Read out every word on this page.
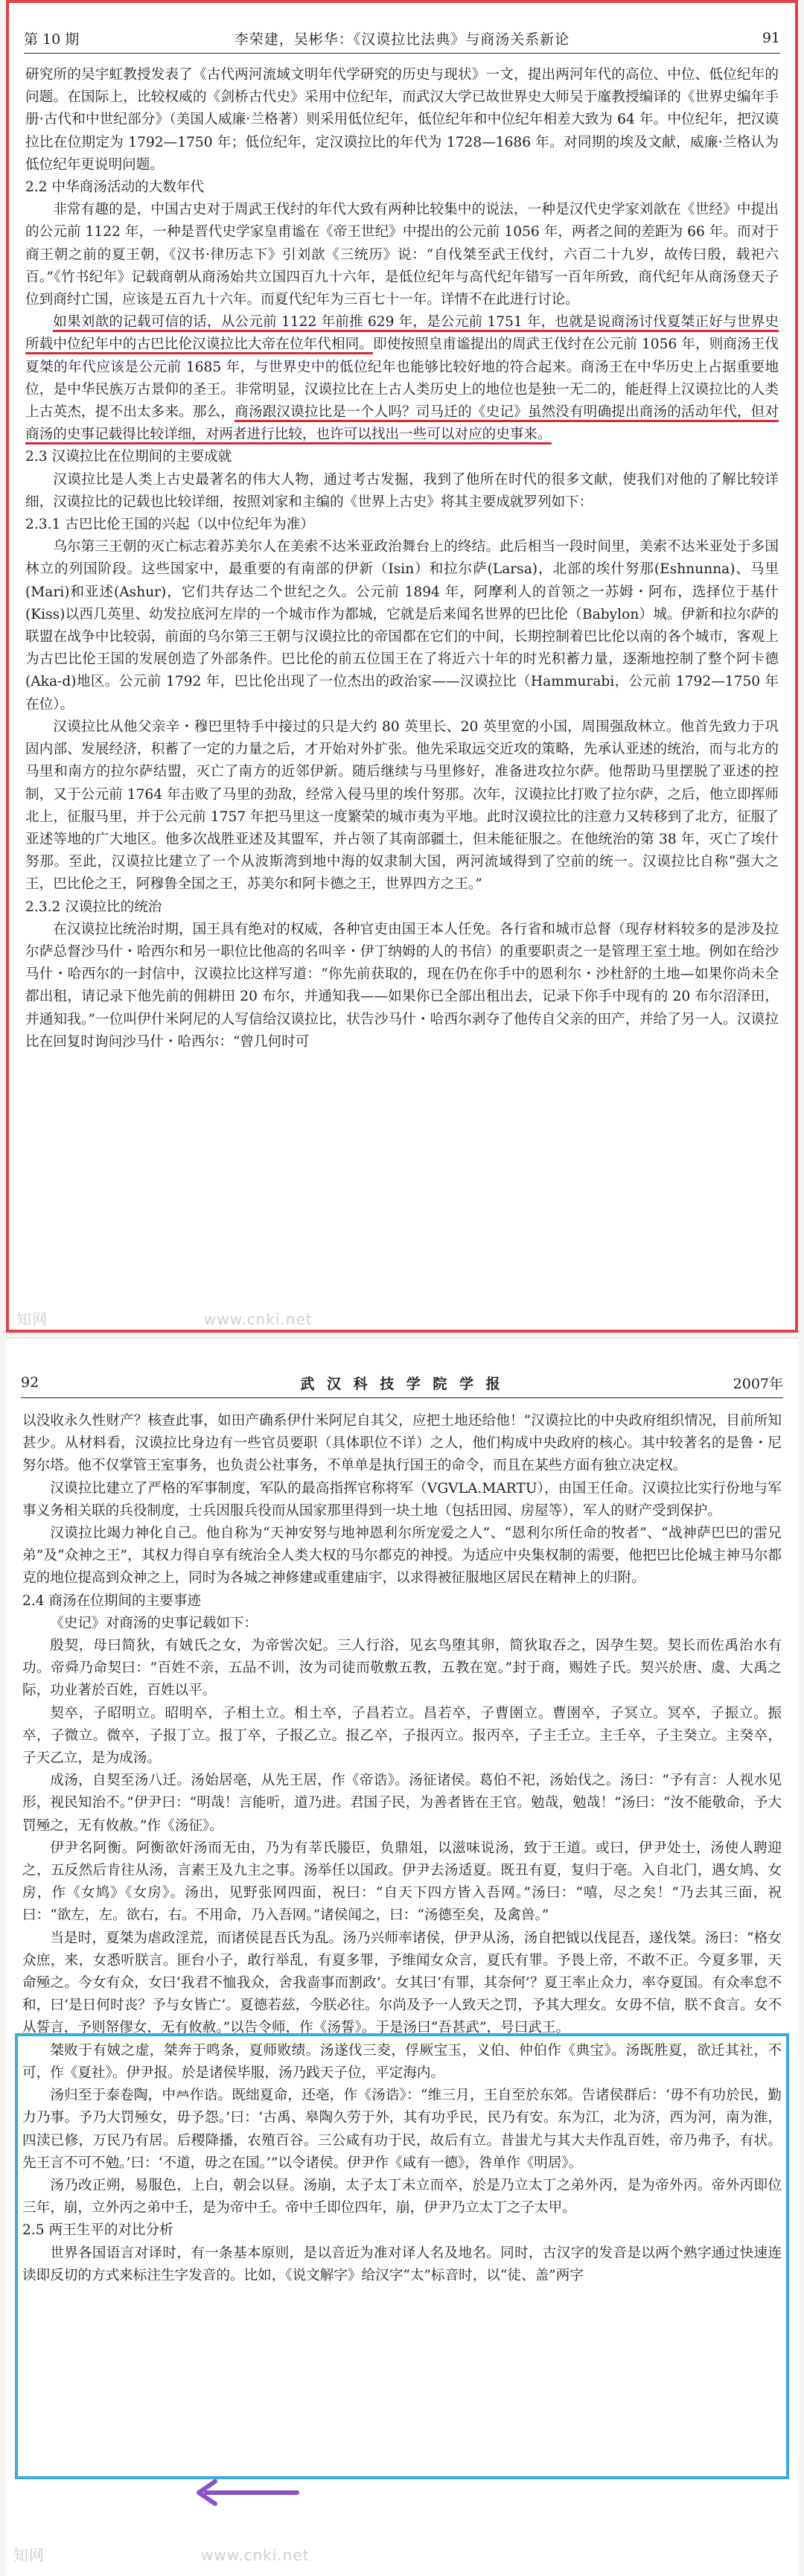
第 10 期	李荣建，吴彬华：《汉谟拉比法典》与商汤关系新论	91

研究所的吴宇虹教授发表了《古代两河流域文明年代学研究的历史与现状》一文，提出两河年代的高位、中位、低位纪年的问题。在国际上，比较权威的《剑桥古代史》采用中位纪年，而武汉大学已故世界史大师吴于廑教授编译的《世界史编年手册·古代和中世纪部分》（美国人威廉·兰格著）则采用低位纪年，低位纪年和中位纪年相差大致为 64 年。中位纪年，把汉谟拉比在位期定为 1792—1750 年；低位纪年，定汉谟拉比的年代为 1728—1686 年。对同期的埃及文献，威廉·兰格认为低位纪年更说明问题。

2.2 中华商汤活动的大数年代

非常有趣的是，中国古史对于周武王伐纣的年代大致有两种比较集中的说法，一种是汉代史学家刘歆在《世经》中提出的公元前 1122 年，一种是晋代史学家皇甫谧在《帝王世纪》中提出的公元前 1056 年，两者之间的差距为 66 年。而对于商王朝之前的夏王朝，《汉书·律历志下》引刘歆《三统历》说：“自伐桀至武王伐纣，六百二十九岁，故传曰殷，载祀六百。”《竹书纪年》记载商朝从商汤始共立国四百九十六年，是低位纪年与高代纪年错写一百年所致，商代纪年从商汤登天子位到商纣亡国，应该是五百九十六年。而夏代纪年为三百七十一年。详情不在此进行讨论。

如果刘歆的记载可信的话，从公元前 1122 年前推 629 年，是公元前 1751 年，也就是说商汤讨伐夏桀正好与世界史所载中位纪年中的古巴比伦汉谟拉比大帝在位年代相同。即使按照皇甫谧提出的周武王伐纣在公元前 1056 年，则商汤王伐夏桀的年代应该是公元前 1685 年，与世界史中的低位纪年也能够比较好地的符合起来。商汤王在中华历史上占据重要地位，是中华民族万古景仰的圣王。非常明显，汉谟拉比在上古人类历史上的地位也是独一无二的，能赶得上汉谟拉比的人类上古英杰，提不出太多来。那么，商汤跟汉谟拉比是一个人吗？司马迁的《史记》虽然没有明确提出商汤的活动年代，但对商汤的史事记载得比较详细，对两者进行比较，也许可以找出一些可以对应的史事来。

2.3 汉谟拉比在位期间的主要成就

汉谟拉比是人类上古史最著名的伟大人物，通过考古发掘，我到了他所在时代的很多文献，使我们对他的了解比较详细，汉谟拉比的记载也比较详细，按照刘家和主编的《世界上古史》将其主要成就罗列如下：

2.3.1 古巴比伦王国的兴起（以中位纪年为准）

乌尔第三王朝的灭亡标志着苏美尔人在美索不达米亚政治舞台上的终结。此后相当一段时间里，美索不达米亚处于多国林立的列国阶段。这些国家中，最重要的有南部的伊新（Isin）和拉尔萨(Larsa)，北部的埃什努那(Eshnunna)、马里(Mari)和亚述(Ashur)，它们共存达二个世纪之久。公元前 1894 年，阿摩利人的首领之一苏姆・阿布，选择位于基什(Kiss)以西几英里、幼发拉底河左岸的一个城市作为都城，它就是后来闻名世界的巴比伦（Babylon）城。伊新和拉尔萨的联盟在战争中比较弱，前面的乌尔第三王朝与汉谟拉比的帝国都在它们的中间，长期控制着巴比伦以南的各个城市，客观上为古巴比伦王国的发展创造了外部条件。巴比伦的前五位国王在了将近六十年的时光积蓄力量，逐渐地控制了整个阿卡德(Aka-d)地区。公元前 1792 年，巴比伦出现了一位杰出的政治家——汉谟拉比（Hammurabi，公元前 1792—1750 年在位）。

汉谟拉比从他父亲辛・穆巴里特手中接过的只是大约 80 英里长、20 英里宽的小国，周围强敌林立。他首先致力于巩固内部、发展经济，积蓄了一定的力量之后，才开始对外扩张。他先采取远交近攻的策略，先承认亚述的统治，而与北方的马里和南方的拉尔萨结盟，灭亡了南方的近邻伊新。随后继续与马里修好，准备进攻拉尔萨。他帮助马里摆脱了亚述的控制，又于公元前 1764 年击败了马里的劲敌，经常入侵马里的埃什努那。次年，汉谟拉比打败了拉尔萨，之后，他立即挥师北上，征服马里，并于公元前 1757 年把马里这一度繁荣的城市夷为平地。此时汉谟拉比的注意力又转移到了北方，征服了亚述等地的广大地区。他多次战胜亚述及其盟军，并占领了其南部疆土，但未能征服之。在他统治的第 38 年，灭亡了埃什努那。至此，汉谟拉比建立了一个从波斯湾到地中海的奴隶制大国，两河流域得到了空前的统一。汉谟拉比自称“强大之王，巴比伦之王，阿穆鲁全国之王，苏美尔和阿卡德之王，世界四方之王。”

2.3.2 汉谟拉比的统治

在汉谟拉比统治时期，国王具有绝对的权威，各种官吏由国王本人任免。各行省和城市总督（现存材料较多的是涉及拉尔萨总督沙马什・哈西尔和另一职位比他高的名叫辛・伊丁纳姆的人的书信）的重要职责之一是管理王室土地。例如在给沙马什・哈西尔的一封信中，汉谟拉比这样写道：“你先前获取的，现在仍在你手中的恩利尔・沙杜舒的土地—如果你尚未全都出租，请记录下他先前的佣耕田 20 布尔，并通知我——如果你已全部出租出去，记录下你手中现有的 20 布尔沼泽田，并通知我。”一位叫伊什米阿尼的人写信给汉谟拉比，状告沙马什・哈西尔剥夺了他传自父亲的田产，并给了另一人。汉谟拉比在回复时询问沙马什・哈西尔：“曾几何时可

知网	www.cnki.net
92	武 汉 科 技 学 院 学 报	2007年

以没收永久性财产？核查此事，如田产确系伊什米阿尼自其父，应把土地还给他！”汉谟拉比的中央政府组织情况，目前所知甚少。从材料看，汉谟拉比身边有一些官员要职（具体职位不详）之人，他们构成中央政府的核心。其中较著名的是鲁・尼努尔塔。他不仅掌管王室事务，也负责公社事务，不单单是执行国王的命令，而且在某些方面有独立决定权。

汉谟拉比建立了严格的军事制度，军队的最高指挥官称将军（VGVLA.MARTU），由国王任命。汉谟拉比实行份地与军事义务相关联的兵役制度，士兵因服兵役而从国家那里得到一块土地（包括田园、房屋等），军人的财产受到保护。

汉谟拉比竭力神化自己。他自称为“天神安努与地神恩利尔所宠爱之人”、“恩利尔所任命的牧者”、“战神萨巴巴的雷兄弟”及“众神之王”，其权力得自享有统治全人类大权的马尔都克的神授。为适应中央集权制的需要，他把巴比伦城主神马尔都克的地位提高到众神之上，同时为各城之神修建或重建庙宇，以求得被征服地区居民在精神上的归附。

2.4 商汤在位期间的主要事迹

《史记》对商汤的史事记载如下：

殷契，母曰简狄，有娀氏之女，为帝喾次妃。三人行浴，见玄鸟堕其卵，简狄取吞之，因孕生契。契长而佐禹治水有功。帝舜乃命契曰：“百姓不亲，五品不训，汝为司徒而敬敷五教，五教在宽。”封于商，赐姓子氏。契兴於唐、虞、大禹之际，功业著於百姓，百姓以平。

契卒，子昭明立。昭明卒，子相土立。相土卒，子昌若立。昌若卒，子曹圉立。曹圉卒，子冥立。冥卒，子振立。振卒，子微立。微卒，子报丁立。报丁卒，子报乙立。报乙卒，子报丙立。报丙卒，子主壬立。主壬卒，子主癸立。主癸卒，子天乙立，是为成汤。

成汤，自契至汤八迁。汤始居亳，从先王居，作《帝诰》。汤征诸侯。葛伯不祀，汤始伐之。汤曰：“予有言：人视水见形，视民知治不。”伊尹曰：“明哉！言能听，道乃进。君国子民，为善者皆在王官。勉哉，勉哉！”汤曰：“汝不能敬命，予大罚殛之，无有攸赦。”作《汤征》。

伊尹名阿衡。阿衡欲奸汤而无由，乃为有莘氏媵臣，负鼎俎，以滋味说汤，致于王道。或曰，伊尹处士，汤使人聘迎之，五反然后肯往从汤，言素王及九主之事。汤举任以国政。伊尹去汤适夏。既丑有夏，复归于亳。入自北门，遇女鸠、女房，作《女鸠》《女房》。汤出，见野张网四面，祝曰：“自天下四方皆入吾网。”汤曰：“嘻，尽之矣！”乃去其三面，祝曰：“欲左，左。欲右，右。不用命，乃入吾网。”诸侯闻之，曰：“汤德至矣，及禽兽。”

当是时，夏桀为虐政淫荒，而诸侯昆吾氏为乱。汤乃兴师率诸侯，伊尹从汤，汤自把钺以伐昆吾，遂伐桀。汤曰：“格女众庶，来，女悉听朕言。匪台小子，敢行举乱，有夏多罪，予维闻女众言，夏氏有罪。予畏上帝，不敢不正。今夏多罪，天命殛之。今女有众，女曰‘我君不恤我众，舍我啬事而割政’。女其曰‘有罪，其奈何’？夏王率止众力，率夺夏国。有众率怠不和，曰‘是日何时丧？予与女皆亡’。夏德若兹，今朕必往。尔尚及予一人致天之罚，予其大理女。女毋不信，朕不食言。女不从誓言，予则帑僇女，无有攸赦。”以告令师，作《汤誓》。于是汤曰“吾甚武”，号曰武王。

桀败于有娀之虚，桀奔于鸣条，夏师败绩。汤遂伐三夌，俘厥宝玉，义伯、仲伯作《典宝》。汤既胜夏，欲迁其社，不可，作《夏社》。伊尹报。於是诸侯毕服，汤乃践天子位，平定海内。

汤归至于泰卷陶，中𤇾作诰。既绌夏命，还亳，作《汤诰》：“维三月，王自至於东郊。告诸侯群后：‘毋不有功於民，勤力乃事。予乃大罚殛女，毋予怨。’曰：‘古禹、皋陶久劳于外，其有功乎民，民乃有安。东为江，北为济，西为河，南为淮，四渎已修，万民乃有居。后稷降播，农殖百谷。三公咸有功于民，故后有立。昔蚩尤与其大夫作乱百姓，帝乃弗予，有状。先王言不可不勉。’曰：‘不道，毋之在国。’”以令诸侯。伊尹作《咸有一德》，咎单作《明居》。

汤乃改正朔，易服色，上白，朝会以昼。汤崩，太子太丁未立而卒，於是乃立太丁之弟外丙，是为帝外丙。帝外丙即位三年，崩，立外丙之弟中壬，是为帝中壬。帝中壬即位四年，崩，伊尹乃立太丁之子太甲。

2.5 两王生平的对比分析

世界各国语言对译时，有一条基本原则，是以音近为准对译人名及地名。同时，古汉字的发音是以两个熟字通过快速连读即反切的方式来标注生字发音的。比如，《说文解字》给汉字“太”标音时，以“徒、盖”两字

知网	www.cnki.net
